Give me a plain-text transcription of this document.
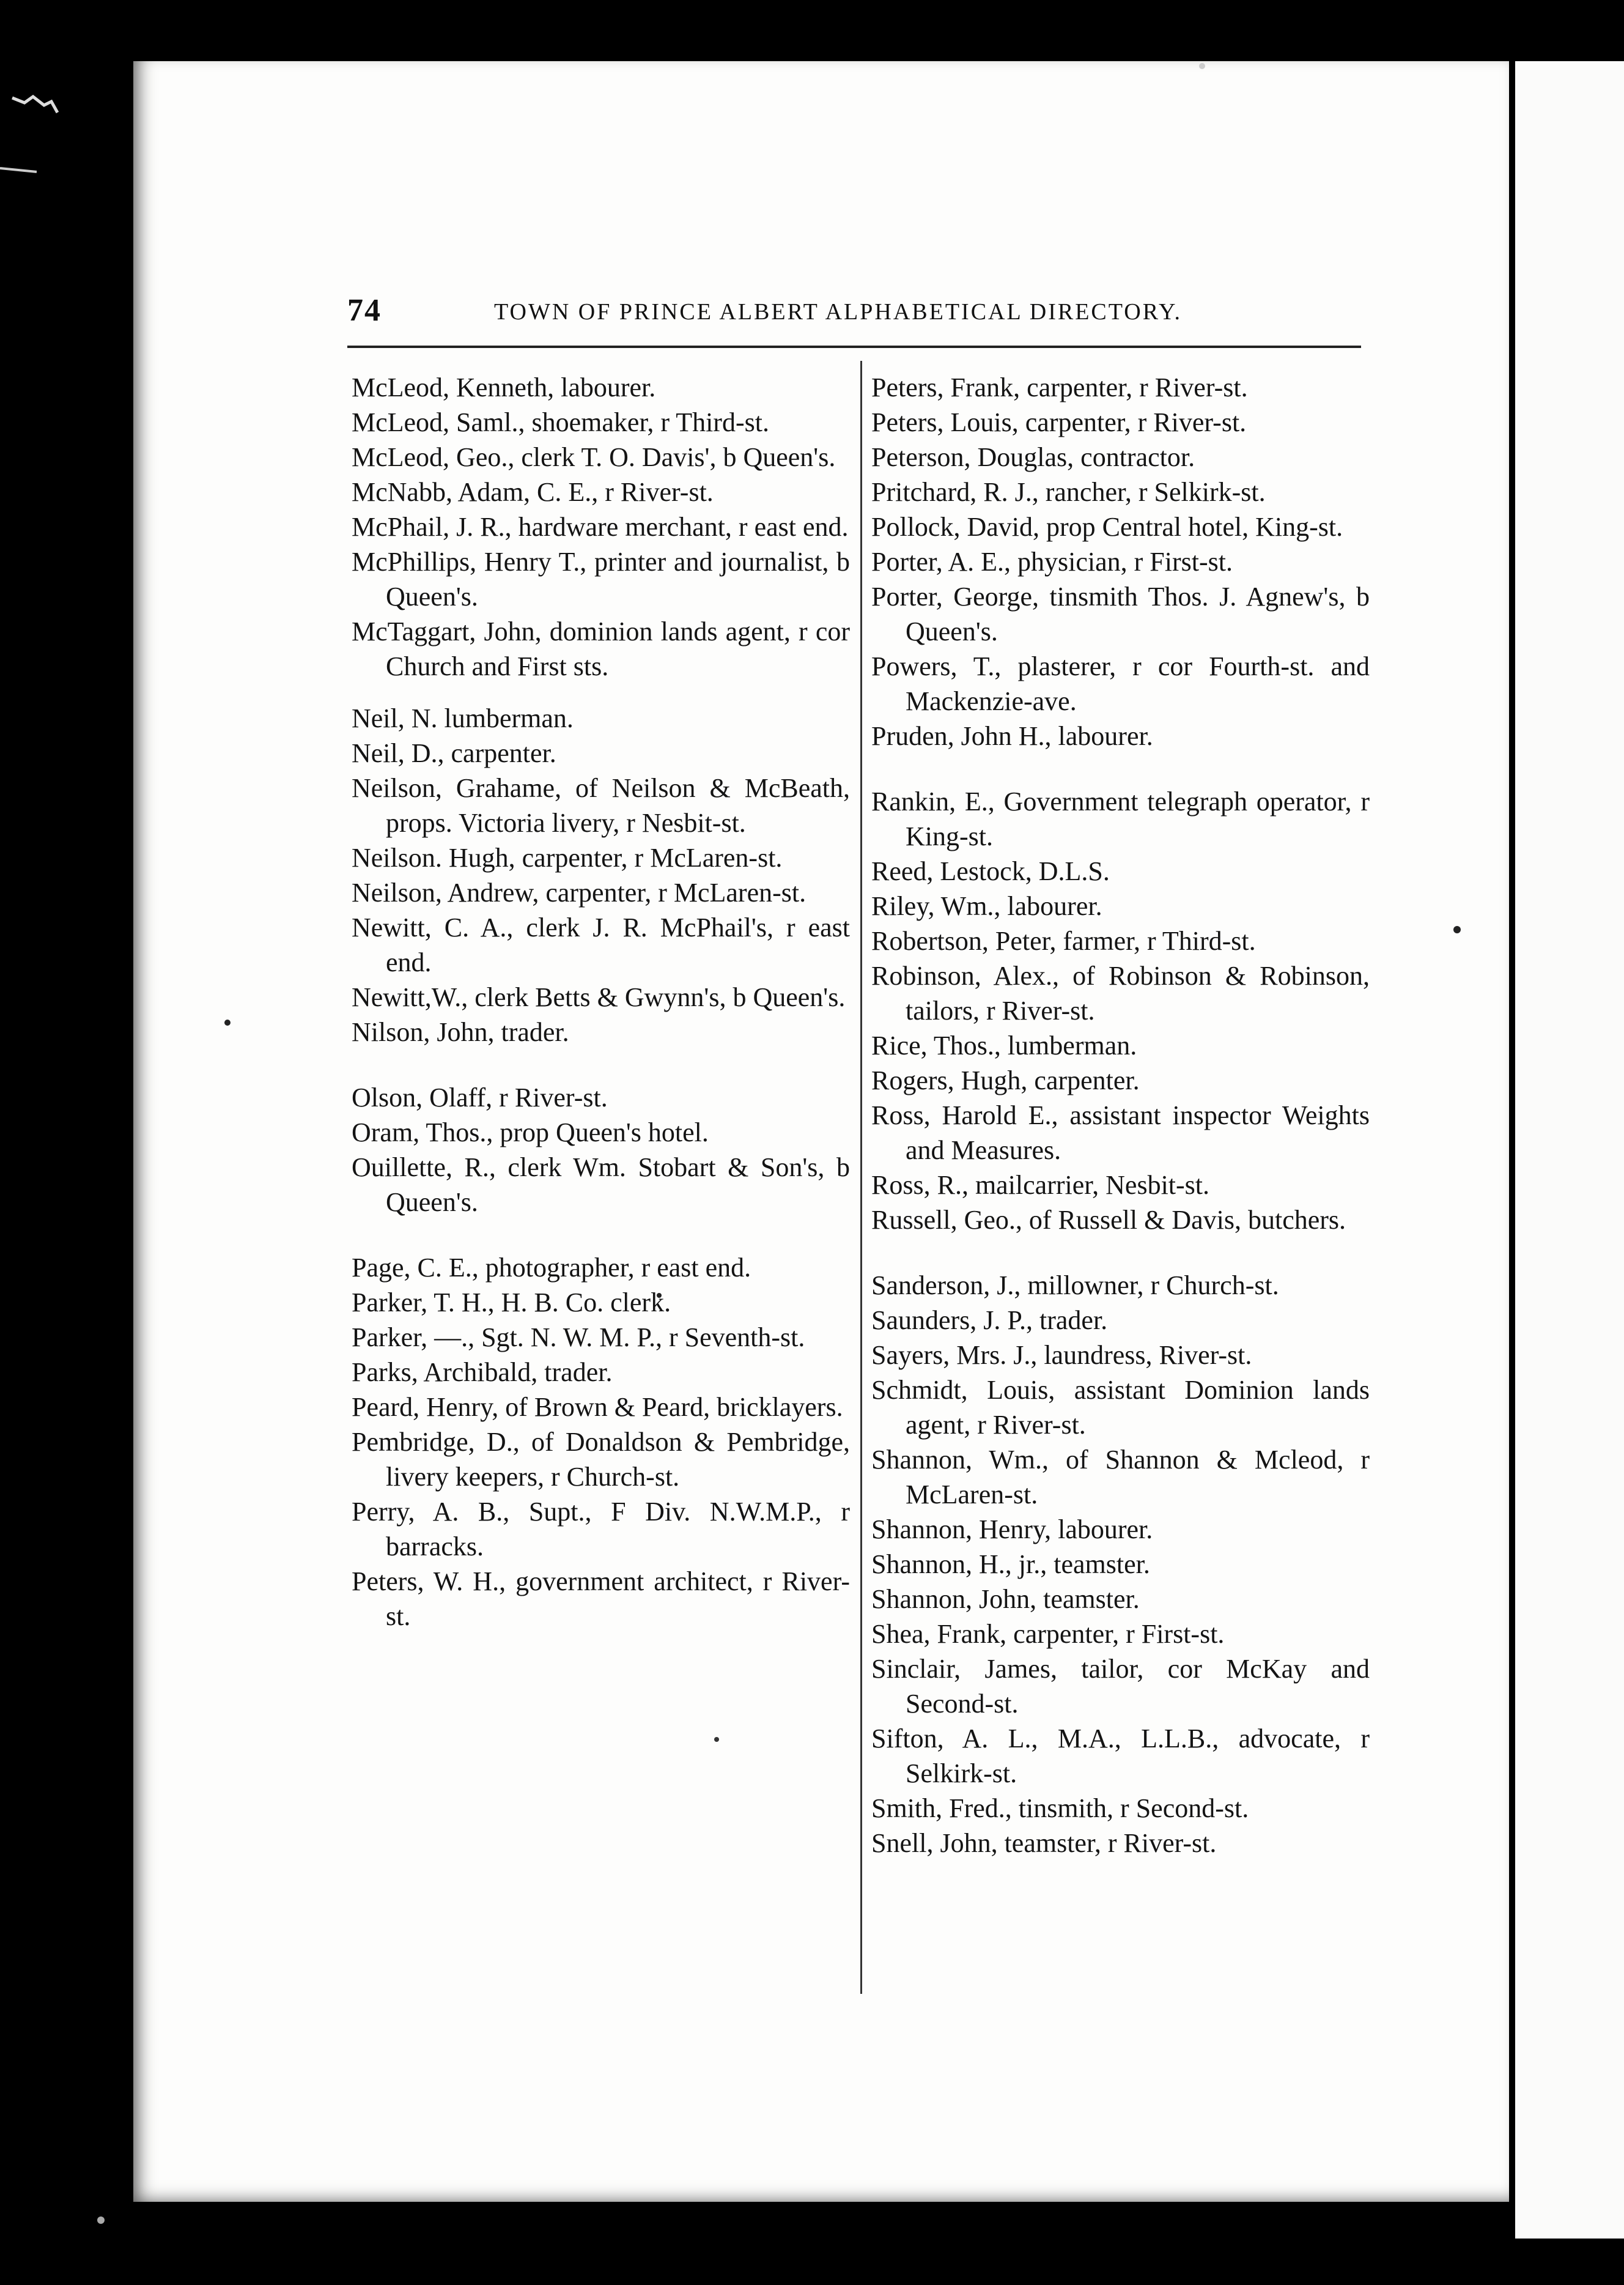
74	TOWN OF PRINCE ALBERT ALPHABETICAL DIRECTORY.

McLeod, Kenneth, labourer.

McLeod, Saml., shoemaker, r Third-st.

McLeod, Geo., clerk T. O. Davis', b Queen's.

McNabb, Adam, C. E., r River-st.

McPhail, J. R., hardware merchant, r east end.

McPhillips, Henry T., printer and journalist, b Queen's.

McTaggart, John, dominion lands agent, r cor Church and First sts.

Neil, N. lumberman.

Neil, D., carpenter.

Neilson, Grahame, of Neilson & McBeath, props. Victoria livery, r Nesbit-st.

Neilson. Hugh, carpenter, r McLaren-st.

Neilson, Andrew, carpenter, r McLaren-st.

Newitt, C. A., clerk J. R. McPhail's, r east end.

Newitt,W., clerk Betts & Gwynn's, b Queen's.

Nilson, John, trader.

Olson, Olaff, r River-st.

Oram, Thos., prop Queen's hotel.

Ouillette, R., clerk Wm. Stobart & Son's, b Queen's.

Page, C. E., photographer, r east end.

Parker, T. H., H. B. Co. clerk.

Parker, —., Sgt. N. W. M. P., r Seventh-st.

Parks, Archibald, trader.

Peard, Henry, of Brown & Peard, bricklayers.

Pembridge, D., of Donaldson & Pembridge, livery keepers, r Church-st.

Perry, A. B., Supt., F Div. N.W.M.P., r barracks.

Peters, W. H., government architect, r River-st.

Peters, Frank, carpenter, r River-st.

Peters, Louis, carpenter, r River-st.

Peterson, Douglas, contractor.

Pritchard, R. J., rancher, r Selkirk-st.

Pollock, David, prop Central hotel, King-st.

Porter, A. E., physician, r First-st.

Porter, George, tinsmith Thos. J. Agnew's, b Queen's.

Powers, T., plasterer, r cor Fourth-st. and Mackenzie-ave.

Pruden, John H., labourer.

Rankin, E., Government telegraph operator, r King-st.

Reed, Lestock, D.L.S.

Riley, Wm., labourer.

Robertson, Peter, farmer, r Third-st.

Robinson, Alex., of Robinson & Robinson, tailors, r River-st.

Rice, Thos., lumberman.

Rogers, Hugh, carpenter.

Ross, Harold E., assistant inspector Weights and Measures.

Ross, R., mailcarrier, Nesbit-st.

Russell, Geo., of Russell & Davis, butchers.

Sanderson, J., millowner, r Church-st.

Saunders, J. P., trader.

Sayers, Mrs. J., laundress, River-st.

Schmidt, Louis, assistant Dominion lands agent, r River-st.

Shannon, Wm., of Shannon & Mcleod, r McLaren-st.

Shannon, Henry, labourer.

Shannon, H., jr., teamster.

Shannon, John, teamster.

Shea, Frank, carpenter, r First-st.

Sinclair, James, tailor, cor McKay and Second-st.

Sifton, A. L., M.A., L.L.B., advocate, r Selkirk-st.

Smith, Fred., tinsmith, r Second-st.

Snell, John, teamster, r River-st.
